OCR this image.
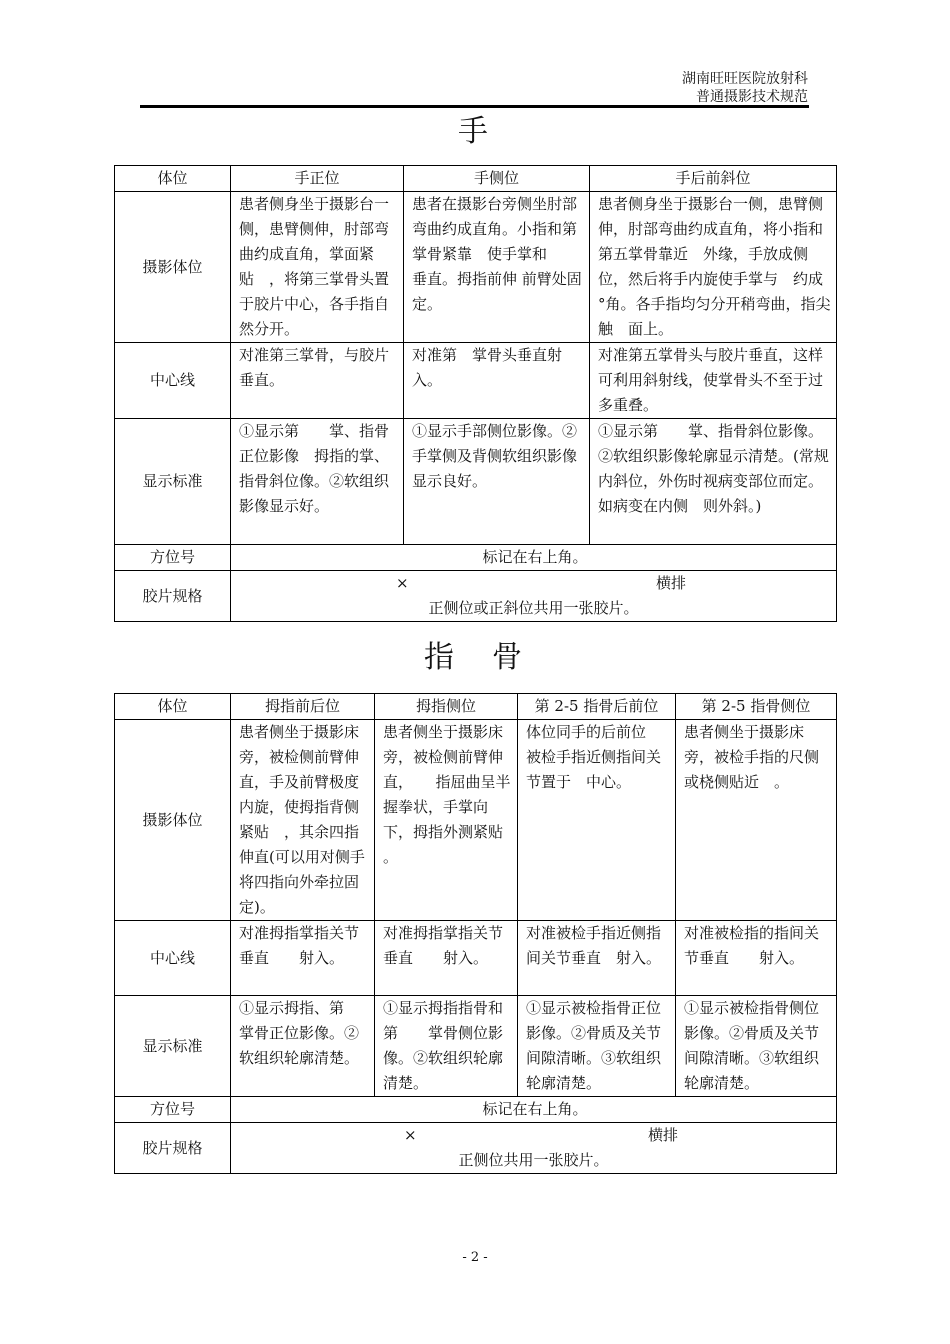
湖南旺旺医院放射科
普通摄影技术规范
手
体位	手正位	手侧位	手后前斜位
摄影体位	患者侧身坐于摄影台一侧，患臂侧伸，肘部弯曲约成直角，掌面紧贴　，将第三掌骨头置于胶片中心，各手指自然分开。	患者在摄影台旁侧坐肘部弯曲约成直角。小指和第　掌骨紧靠　使手掌和　　垂直。拇指前伸 前臂处固定。	患者侧身坐于摄影台一侧，患臂侧伸，肘部弯曲约成直角，将小指和第五掌骨靠近　外缘，手放成侧位，然后将手内旋使手掌与　约成　°角。各手指均匀分开稍弯曲，指尖触　面上。
中心线	对准第三掌骨，与胶片垂直。	对准第　掌骨头垂直射入。	对准第五掌骨头与胶片垂直，这样可利用斜射线，使掌骨头不至于过多重叠。
显示标准	①显示第　　掌、指骨正位影像　拇指的掌、指骨斜位像。②软组织影像显示好。	①显示手部侧位影像。②手掌侧及背侧软组织影像显示良好。	①显示第　　掌、指骨斜位影像。 ②软组织影像轮廓显示清楚。(常规内斜位，外伤时视病变部位而定。如病变在内侧　则外斜。)
方位号	标记在右上角。		
胶片规格	× 横排
正侧位或正斜位共用一张胶片。		
指　骨
体位	拇指前后位	拇指侧位	第 2-5 指骨后前位	第 2-5 指骨侧位
摄影体位	患者侧坐于摄影床旁，被检侧前臂伸直，手及前臂极度内旋，使拇指背侧紧贴　，其余四指伸直(可以用对侧手将四指向外牵拉固定)。	患者侧坐于摄影床旁，被检侧前臂伸直，　　指屈曲呈半握拳状，手掌向下，拇指外测紧贴　　。	体位同手的后前位　被检手指近侧指间关节置于　中心。	患者侧坐于摄影床旁，被检手指的尺侧或桡侧贴近　。
中心线	对准拇指掌指关节垂直　　射入。	对准拇指掌指关节垂直　　射入。	对准被检手指近侧指间关节垂直　射入。	对准被检指的指间关节垂直　　射入。
显示标准	①显示拇指、第　掌骨正位影像。②软组织轮廓清楚。	①显示拇指指骨和第　　掌骨侧位影像。②软组织轮廓清楚。	①显示被检指骨正位影像。②骨质及关节间隙清晰。③软组织轮廓清楚。	①显示被检指骨侧位影像。②骨质及关节间隙清晰。③软组织轮廓清楚。
方位号	标记在右上角。			
胶片规格	× 横排
正侧位共用一张胶片。			
- 2 -
